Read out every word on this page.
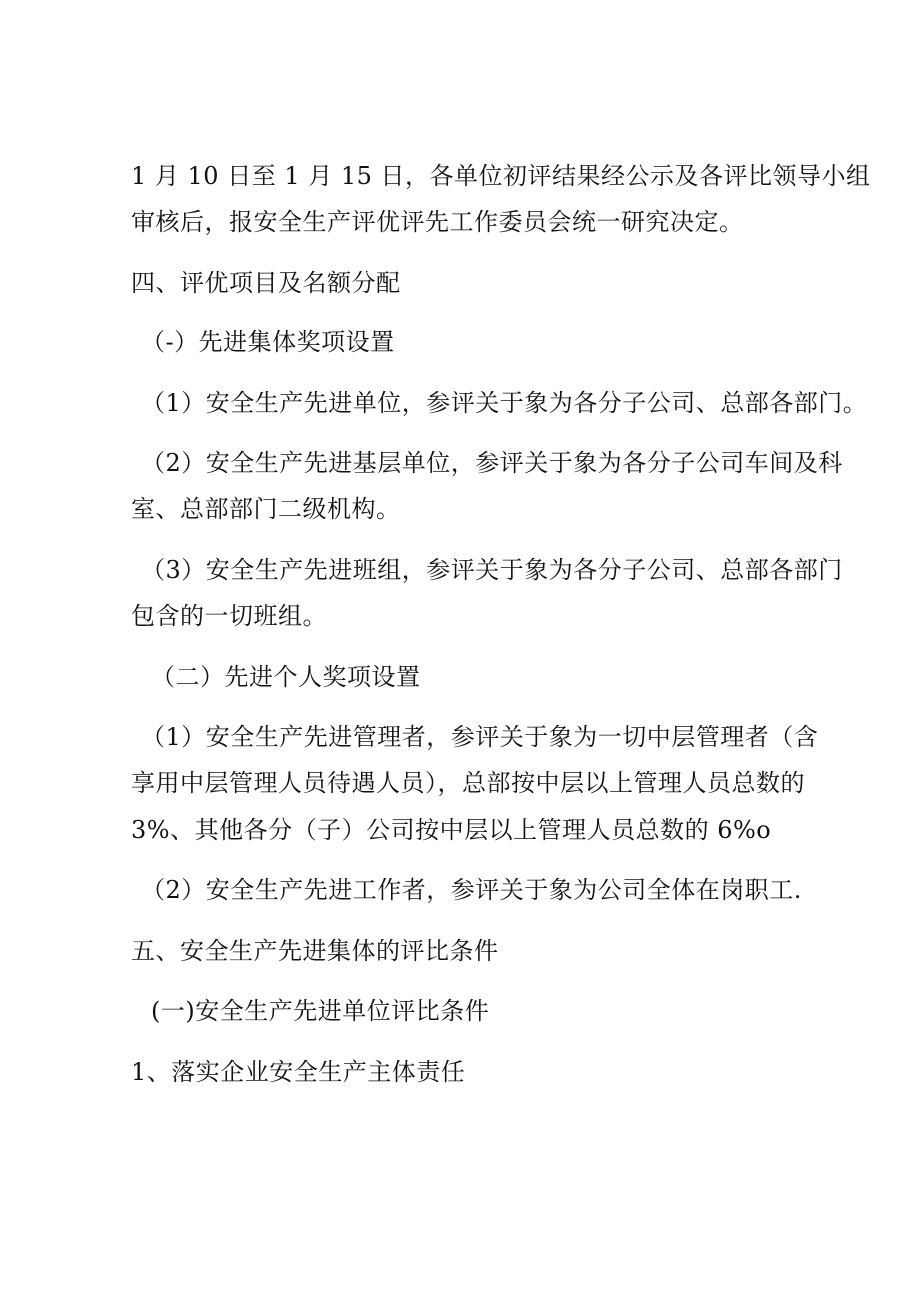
1 月 10 日至 1 月 15 日，各单位初评结果经公示及各评比领导小组
审核后，报安全生产评优评先工作委员会统一研究决定。
四、评优项目及名额分配
（-）先进集体奖项设置
（1）安全生产先进单位，参评关于象为各分子公司、总部各部门。
（2）安全生产先进基层单位，参评关于象为各分子公司车间及科
室、总部部门二级机构。
（3）安全生产先进班组，参评关于象为各分子公司、总部各部门
包含的一切班组。
（二）先进个人奖项设置
（1）安全生产先进管理者，参评关于象为一切中层管理者（含
享用中层管理人员待遇人员），总部按中层以上管理人员总数的
3%、其他各分（子）公司按中层以上管理人员总数的 6%o
（2）安全生产先进工作者，参评关于象为公司全体在岗职工.
五、安全生产先进集体的评比条件
(一)安全生产先进单位评比条件
1、落实企业安全生产主体责任
